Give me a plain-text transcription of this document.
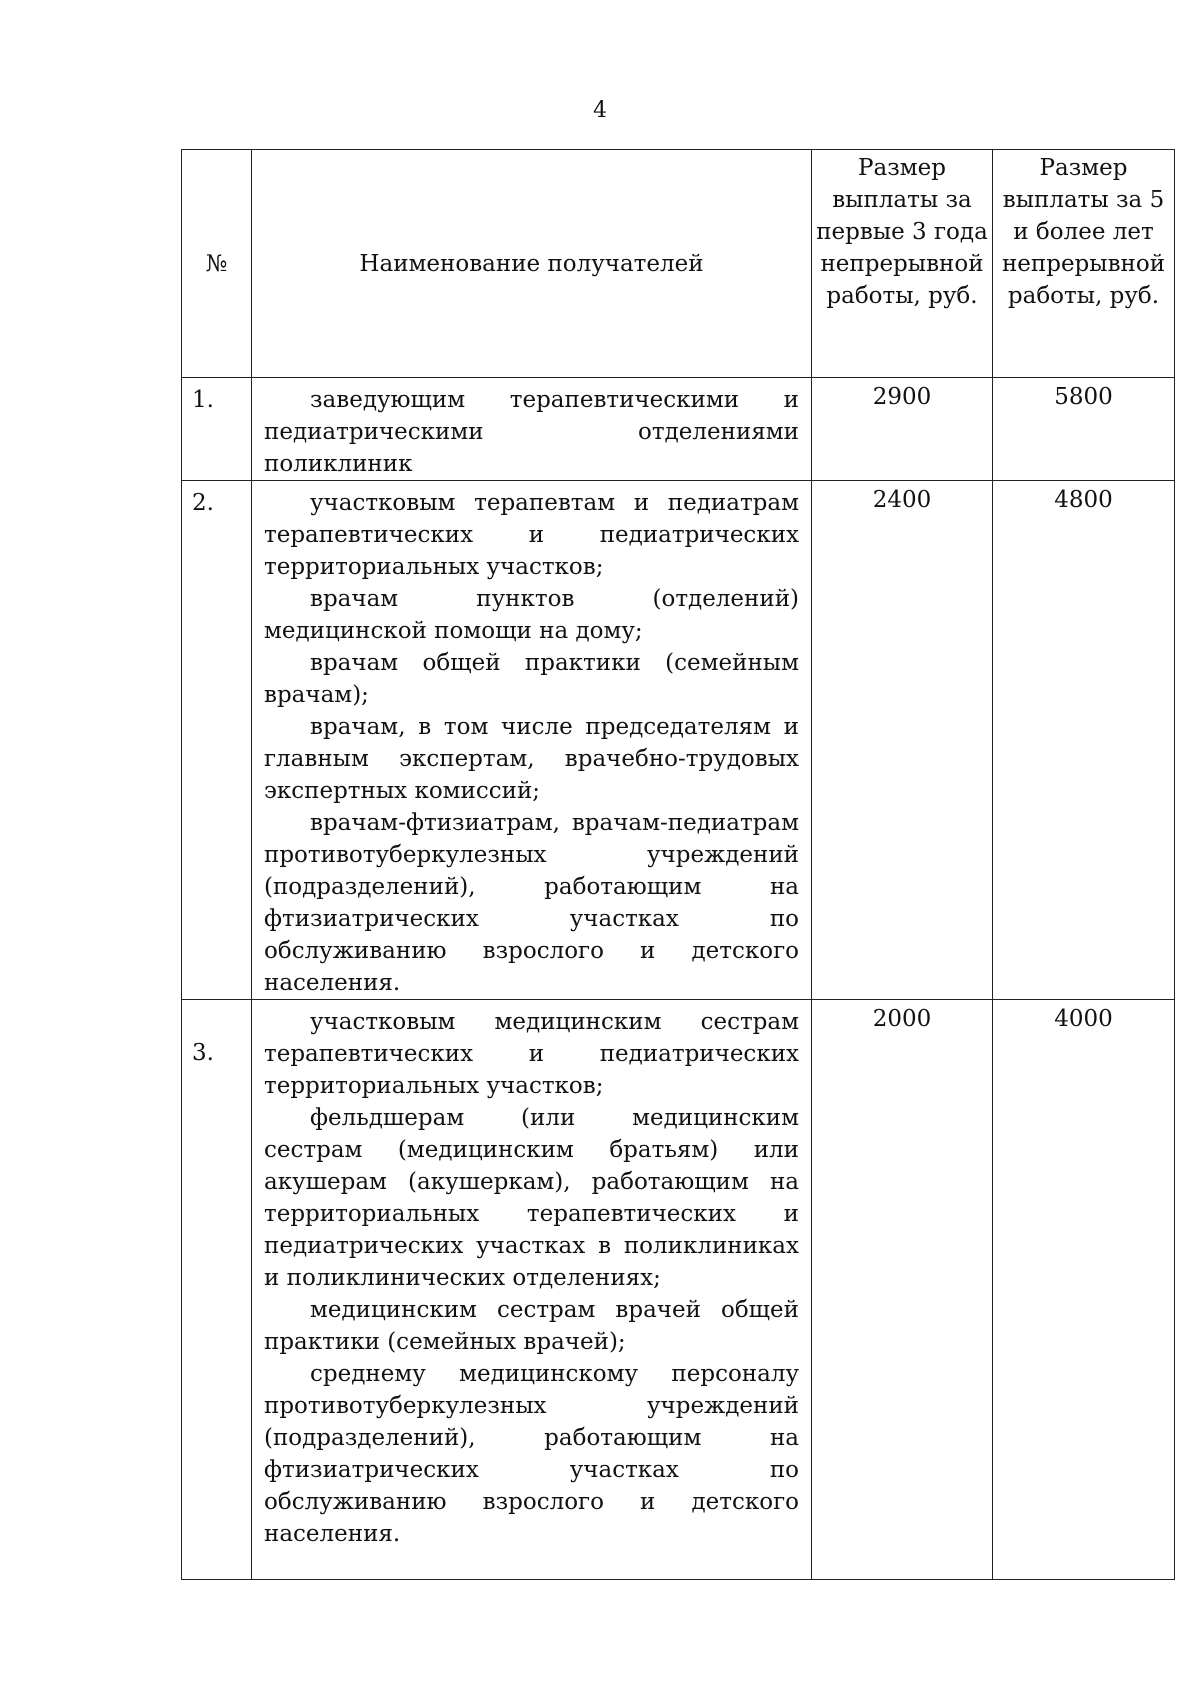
4
№	Наименование получателей	Размер выплаты за первые 3 года непрерывной работы, руб.	Размер выплаты за 5 и более лет непрерывной работы, руб.

1.	заведующим терапевтическими и педиатрическими отделениями поликлиник	2900	5800
2.	участковым терапевтам и педиатрам терапевтических и педиатрических территориальных участков;
врачам пунктов (отделений) медицинской помощи на дому;
врачам общей практики (семейным врачам);
врачам, в том числе председателям и главным экспертам, врачебно-трудовых экспертных комиссий;
врачам-фтизиатрам, врачам-педиатрам противотуберкулезных учреждений (подразделений), работающим на фтизиатрических участках по обслуживанию взрослого и детского населения.	2400	4800
3.	участковым медицинским сестрам терапевтических и педиатрических территориальных участков;
фельдшерам (или медицинским сестрам (медицинским братьям) или акушерам (акушеркам), работающим на территориальных терапевтических и педиатрических участках в поликлиниках и поликлинических отделениях;
медицинским сестрам врачей общей практики (семейных врачей);
среднему медицинскому персоналу противотуберкулезных учреждений (подразделений), работающим на фтизиатрических участках по обслуживанию взрослого и детского населения.	2000	4000
